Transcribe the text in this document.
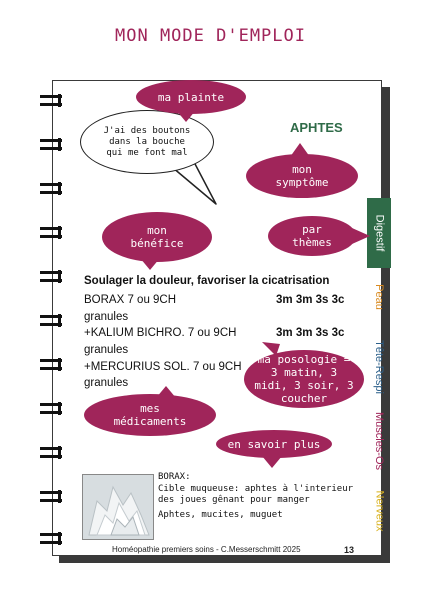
MON MODE D'EMPLOI
Digestif
Peau
Tête-Respi
Muscles-Os
Nerveux
J'ai des boutons
dans la bouche
qui me font mal
ma plainte
APHTES
mon symptôme
mon bénéfice
par thèmes
Soulager la douleur, favoriser la cicatrisation
BORAX 7 ou 9CH	3m 3m 3s 3c
granules
+KALIUM BICHRO. 7 ou 9CH	3m 3m 3s 3c
granules
+MERCURIUS SOL. 7 ou 9CH
granules
ma posologie = 3 matin, 3 midi, 3 soir, 3 coucher
mes médicaments
en savoir plus
BORAX:
Cible muqueuse: aphtes à l'interieur
des joues gênant pour manger
Aphtes, mucites, muguet
Homéopathie premiers soins - C.Messerschmitt 2025	13
